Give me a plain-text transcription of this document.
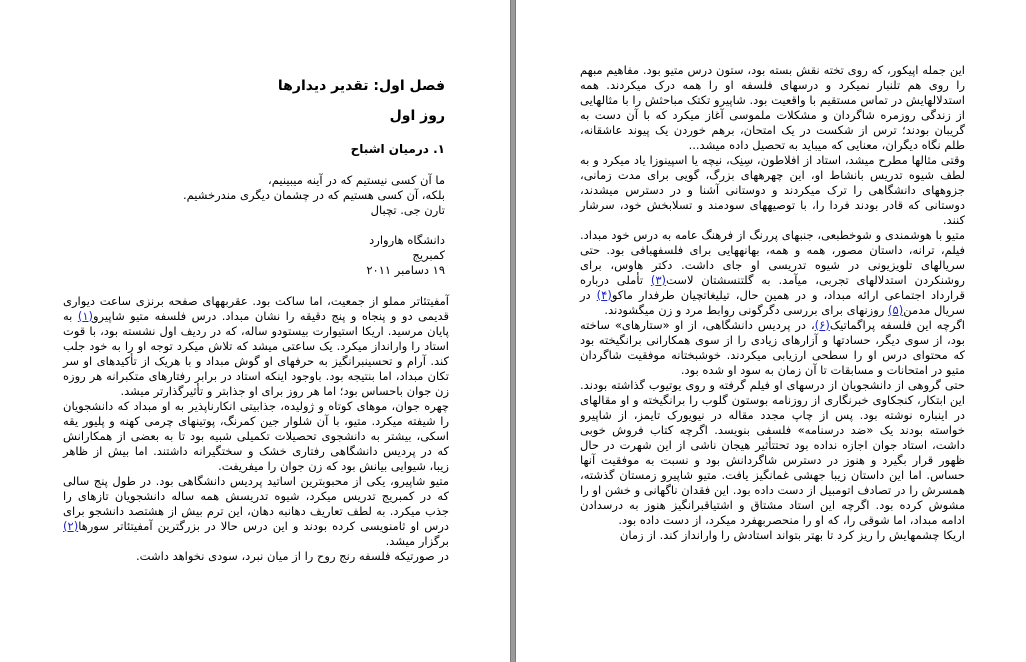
فصل اول: تقدیر دیدارها
روز اول
۱. درمیان اشباح
ما آن کسی نیستیم که در آینه میبینیم،
بلکه، آن کسی هستیم که در چشمان دیگری مندرخشیم.
تارن جی. تچبال
دانشگاه هاروارد
کمبریج
۱۹ دسامبر ۲۰۱۱

آمفیتئاتر مملو از جمعیت، اما ساکت بود. عقربههای صفحه برنزی ساعت دیواری قدیمی دو و پنجاه و پنج دقیقه را نشان مبداد. درس فلسفه متیو شاپیرو(۱) به پایان مرسید. اریکا استیوارت بیستودو ساله، که در ردیف اول نشسته بود، با قوت استاد را وارانداز میکرد. یک ساعتی میشد که تلاش میکرد توجه او را به خود جلب کند. آرام و تحسینبرانگیز به حرفهای او گوش مبداد و با هریک از تأکیدهای او سر تکان مبداد، اما بنتیجه بود. باوجود اینکه استاد در برابر رفتارهای متکبرانه هر روزه زن جوان باحساس بود؛ اما هر روز برای او جذابتر و تأثیرگذارتر میشد.

چهره جوان، موهای کوتاه و ژولیده، جذابیتی انکارناپذیر به او مبداد که دانشجویان را شیفته میکرد. متیو، با آن شلوار جین کمرنگ، پوتینهای چرمی کهنه و پلیور یقه اسکی، بیشتر به دانشجوی تحصیلات تکمیلی شبیه بود تا به بعضی از همکارانش که در پردیس دانشگاهی رفتاری خشک و سختگیرانه داشتند. اما بیش از ظاهر زیبا، شیوایی بیانش بود که زن جوان را میفریفت.

متیو شاپیرو، یکی از محبوبترین اساتید پردیس دانشگاهی بود. در طول پنج سالی که در کمبریج تدریس میکرد، شیوه تدریسش همه ساله دانشجویان تازهای را جذب میکرد. به لطف تعاریف دهانبه دهان، این ترم بیش از هشتصد دانشجو برای درس او ثامنویسی کرده بودند و این درس حالا در بزرگترین آمفیتئاتر سورها(۲) برگزار میشد.

در صورتیکه فلسفه رنج روح را از میان نبرد، سودی نخواهد داشت.

این جمله اپیکور، که روی تخته نقش بسته بود، ستون درس متیو بود. مفاهیم مبهم را روی هم تلنبار نمیکرد و درسهای فلسفه او را همه درک میکردند. همه استدلالهایش در تماس مستقیم با واقعیت بود. شاپیرو تکتک مباحثش را با مثالهایی از زندگی روزمره شاگردان و مشکلات ملموسی آغاز میکرد که با آن دست به گریبان بودند؛ ترس از شکست در یک امتحان، برهم خوردن یک پیوند عاشقانه، طلم نگاه دیگران، معنایی که میباید به تحصیل داده میشد...

وقتی مثالها مطرح میشد، استاد از افلاطون، سِنِک، نیچه یا اسپینوزا یاد میکرد و به لطف شیوه تدریس بانشاط او، این چهرههای بزرگ، گویی برای مدت زمانی، جزوههای دانشگاهی را ترک میکردند و دوستانی آشنا و در دسترس میشدند، دوستانی که قادر بودند فردا را، با توصیههای سودمند و تسلابخش خود، سرشار کنند.

متیو با هوشمندی و شوخطبعی، جنبهای پررنگ از فرهنگ عامه به درس خود مبداد. فیلم، ترانه، داستان مصور، همه و همه، بهانههایی برای فلسفهبافی بود. حتی سریالهای تلویزیونی در شیوه تدریسی او جای داشت. دکتر هاوس، برای روشنکردن استدلالهای تجربی، میآمد. به گلتنسشتان لاست(۳) تأملی درباره قرارداد اجتماعی ارائه مبداد، و در همین حال، تیلیغاتچیان طرفدار ماکو(۴) در سریال مدمن(۵) روزنهای برای بررسی دگرگونی روابط مرد و زن میگشودند.

اگرچه این فلسفه پراگماتیک(۶)، در پردیس دانشگاهی، از او «ستارهای» ساخته بود، از سوی دیگر، حسادتها و آزارهای زیادی را از سوی همکارانی برانگیخته بود که محتوای درس او را سطحی ارزیابی میکردند. خوشبختانه موفقیت شاگردان متیو در امتحانات و مسابقات تا آن زمان به سود او شده بود.

حتی گروهی از دانشجویان از درسهای او فیلم گرفته و روی یوتیوب گذاشته بودند. این ابتکار، کنجکاوی خبرنگاری از روزنامه بوستون گلوب را برانگیخته و او مقالهای در اینباره نوشته بود. پس از چاپ مجدد مقاله در نیویورک تایمز، از شاپیرو خواسته بودند یک «ضد درسنامه» فلسفی بنویسد. اگرچه کتاب فروش خوبی داشت، استاد جوان اجازه نداده بود تحتتأثیر هیجان ناشی از این شهرت در حال ظهور قرار بگیرد و هنوز در دسترس شاگردانش بود و نسبت به موفقیت آنها حساس. اما این داستان زیبا جهشی غمانگیز یافت. متیو شاپیرو زمستان گذشته، همسرش را در تصادف اتومبیل از دست داده بود. این فقدان ناگهانی و خشن او را مشوش کرده بود. اگرچه این استاد مشتاق و اشتیاقبرانگیز هنوز به درسدادن ادامه مبداد، اما شوقی را، که او را منحصربهفرد میکرد، از دست داده بود.

اریکا چشمهایش را ریز کرد تا بهتر بتواند استادش را وارانداز کند. از زمان
